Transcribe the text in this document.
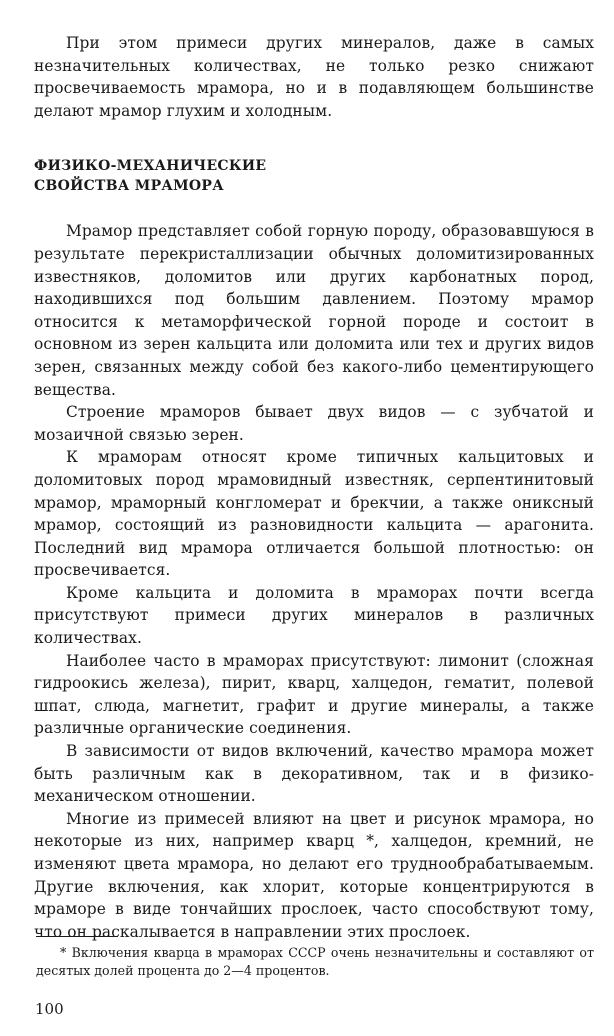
При этом примеси других минералов, даже в самых незначительных количествах, не только резко снижают просвечиваемость мрамора, но и в подавляющем большинстве делают мрамор глухим и холодным.

ФИЗИКО-МЕХАНИЧЕСКИЕ
СВОЙСТВА МРАМОРА

Мрамор представляет собой горную породу, образовавшуюся в результате перекристаллизации обычных доломитизированных известняков, доломитов или других карбонатных пород, находившихся под большим давлением. Поэтому мрамор относится к метаморфической горной породе и состоит в основном из зерен кальцита или доломита или тех и других видов зерен, связанных между собой без какого-либо цементирующего вещества.

Строение мраморов бывает двух видов — с зубчатой и мозаичной связью зерен.

К мраморам относят кроме типичных кальцитовых и доломитовых пород мрамовидный известняк, серпентинитовый мрамор, мраморный конгломерат и брекчии, а также ониксный мрамор, состоящий из разновидности кальцита — арагонита. Последний вид мрамора отличается большой плотностью: он просвечивается.

Кроме кальцита и доломита в мраморах почти всегда присутствуют примеси других минералов в различных количествах.

Наиболее часто в мраморах присутствуют: лимонит (сложная гидроокись железа), пирит, кварц, халцедон, гематит, полевой шпат, слюда, магнетит, графит и другие минералы, а также различные органические соединения.

В зависимости от видов включений, качество мрамора может быть различным как в декоративном, так и в физико-механическом отношении.

Многие из примесей влияют на цвет и рисунок мрамора, но некоторые из них, например кварц *, халцедон, кремний, не изменяют цвета мрамора, но делают его труднообрабатываемым. Другие включения, как хлорит, которые концентрируются в мраморе в виде тончайших прослоек, часто способствуют тому, что он раскалывается в направлении этих прослоек.

* Включения кварца в мраморах СССР очень незначительны и составляют от десятых долей процента до 2—4 процентов.
100
